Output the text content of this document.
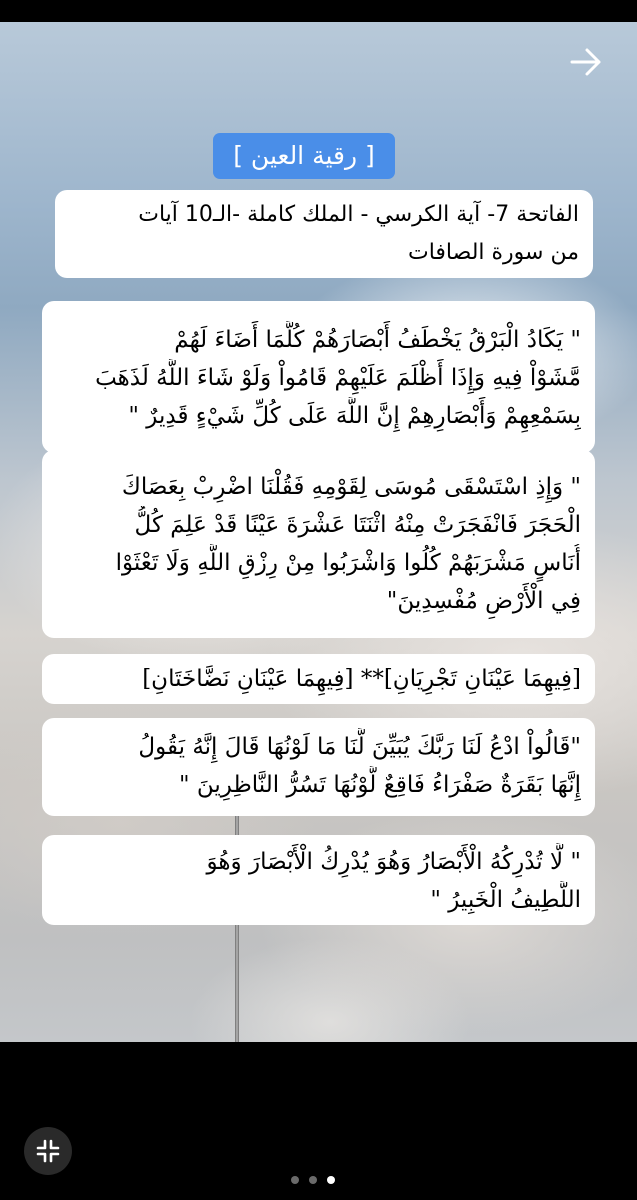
[ رقية العين ]
الفاتحة 7- آية الكرسي - الملك كاملة -الـ10 آيات
من سورة الصافات
" يَكَادُ الْبَرْقُ يَخْطَفُ أَبْصَارَهُمْ كُلَّمَا أَضَاءَ لَهُمْ
مَّشَوْاْ فِيهِ وَإِذَا أَظْلَمَ عَلَيْهِمْ قَامُواْ وَلَوْ شَاءَ اللَّهُ لَذَهَبَ
بِسَمْعِهِمْ وَأَبْصَارِهِمْ إِنَّ اللَّهَ عَلَى كُلِّ شَيْءٍ قَدِيرٌ "
" وَإِذِ اسْتَسْقَى مُوسَى لِقَوْمِهِ فَقُلْنَا اضْرِبْ بِعَصَاكَ
الْحَجَرَ فَانْفَجَرَتْ مِنْهُ اثْنَتَا عَشْرَةَ عَيْنًا قَدْ عَلِمَ كُلُّ
أُنَاسٍ مَشْرَبَهُمْ كُلُوا وَاشْرَبُوا مِنْ رِزْقِ اللَّهِ وَلَا تَعْثَوْا
فِي الْأَرْضِ مُفْسِدِينَ"
[فِيهِمَا عَيْنَانِ تَجْرِيَانِ]** [فِيهِمَا عَيْنَانِ نَضَّاخَتَانِ]
"قَالُواْ ادْعُ لَنَا رَبَّكَ يُبَيِّنَ لَّنَا مَا لَوْنُهَا قَالَ إِنَّهُ يَقُولُ
إِنَّهَا بَقَرَةٌ صَفْرَاءُ فَاقِعٌ لَّوْنُهَا تَسُرُّ النَّاظِرِينَ "
" لَّا تُدْرِكُهُ الْأَبْصَارُ وَهُوَ يُدْرِكُ الْأَبْصَارَ وَهُوَ
اللَّطِيفُ الْخَبِيرُ "
